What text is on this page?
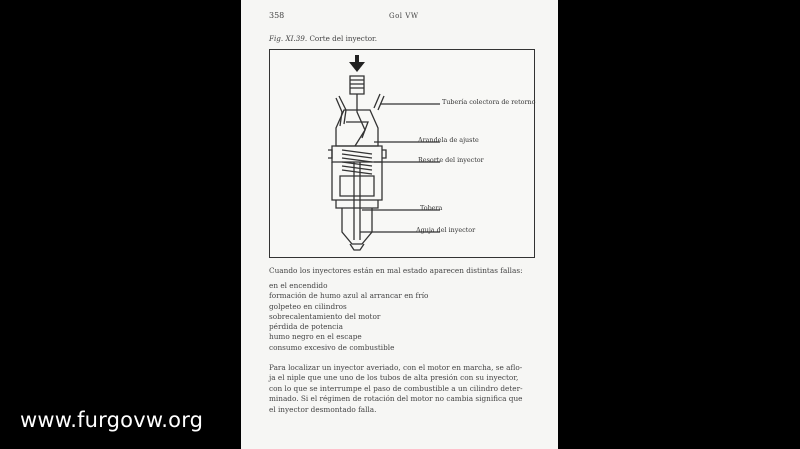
358	Gol VW
Fig. XI.39. Corte del inyector.
Tubería colectora de retorno
Arandela de ajuste
Resorte del inyector
Tobera
Aguja del inyector
Cuando los inyectores están en mal estado aparecen distintas fallas:
en el encendido
formación de humo azul al arrancar en frío
golpeteo en cilindros
sobrecalentamiento del motor
pérdida de potencia
humo negro en el escape
consumo excesivo de combustible
Para localizar un inyector averiado, con el motor en marcha, se aflo-
ja el niple que une uno de los tubos de alta presión con su inyector,
con lo que se interrumpe el paso de combustible a un cilindro deter-
minado. Si el régimen de rotación del motor no cambia significa que
el inyector desmontado falla.
www.furgovw.org
